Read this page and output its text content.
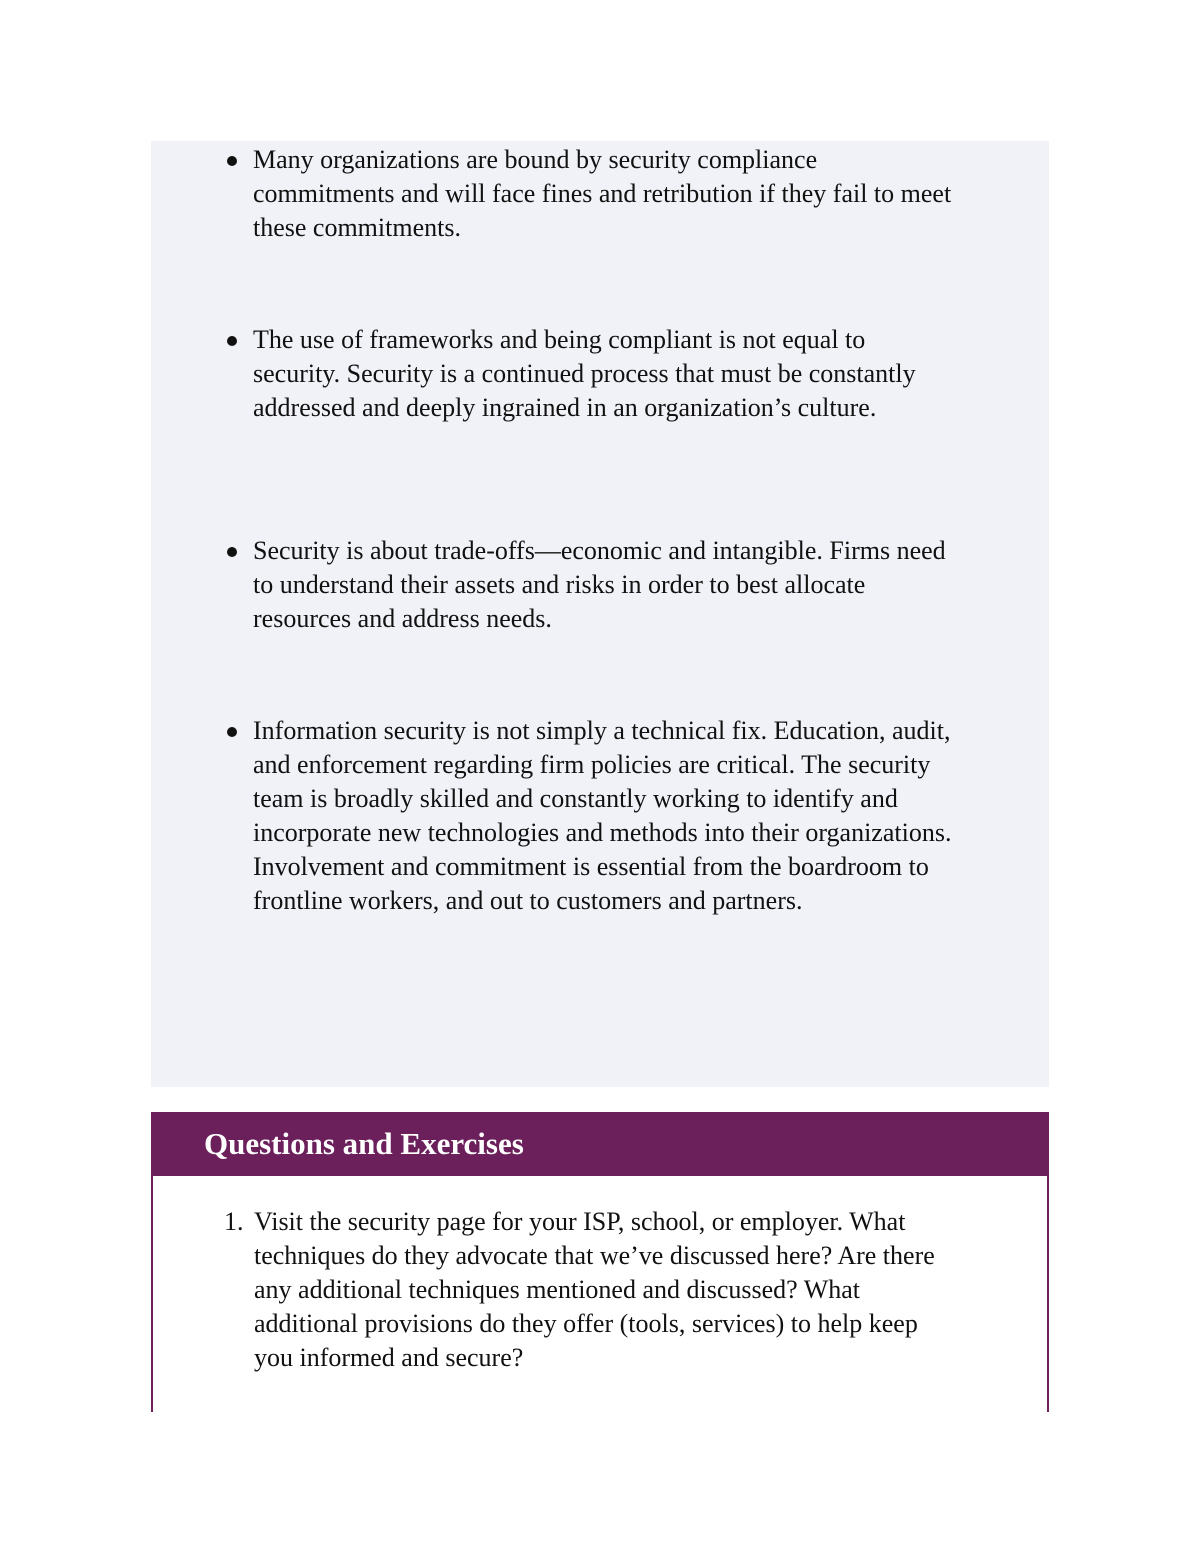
Many organizations are bound by security compliance commitments and will face fines and retribution if they fail to meet these commitments.
The use of frameworks and being compliant is not equal to security. Security is a continued process that must be constantly addressed and deeply ingrained in an organization’s culture.
Security is about trade-offs—economic and intangible. Firms need to understand their assets and risks in order to best allocate resources and address needs.
Information security is not simply a technical fix. Education, audit, and enforcement regarding firm policies are critical. The security team is broadly skilled and constantly working to identify and incorporate new technologies and methods into their organizations. Involvement and commitment is essential from the boardroom to frontline workers, and out to customers and partners.
Questions and Exercises
1. Visit the security page for your ISP, school, or employer. What techniques do they advocate that we’ve discussed here? Are there any additional techniques mentioned and discussed? What additional provisions do they offer (tools, services) to help keep you informed and secure?
